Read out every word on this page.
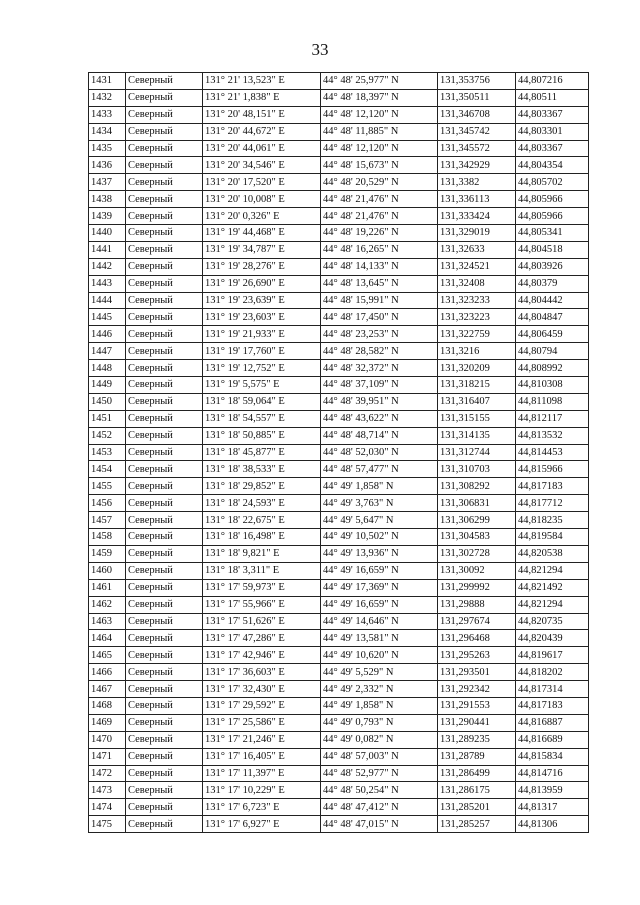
33
1431	Северный	131° 21' 13,523" E	44° 48' 25,977" N	131,353756	44,807216
1432	Северный	131° 21' 1,838" E	44° 48' 18,397" N	131,350511	44,80511
1433	Северный	131° 20' 48,151" E	44° 48' 12,120" N	131,346708	44,803367
1434	Северный	131° 20' 44,672" E	44° 48' 11,885" N	131,345742	44,803301
1435	Северный	131° 20' 44,061" E	44° 48' 12,120" N	131,345572	44,803367
1436	Северный	131° 20' 34,546" E	44° 48' 15,673" N	131,342929	44,804354
1437	Северный	131° 20' 17,520" E	44° 48' 20,529" N	131,3382	44,805702
1438	Северный	131° 20' 10,008" E	44° 48' 21,476" N	131,336113	44,805966
1439	Северный	131° 20' 0,326" E	44° 48' 21,476" N	131,333424	44,805966
1440	Северный	131° 19' 44,468" E	44° 48' 19,226" N	131,329019	44,805341
1441	Северный	131° 19' 34,787" E	44° 48' 16,265" N	131,32633	44,804518
1442	Северный	131° 19' 28,276" E	44° 48' 14,133" N	131,324521	44,803926
1443	Северный	131° 19' 26,690" E	44° 48' 13,645" N	131,32408	44,80379
1444	Северный	131° 19' 23,639" E	44° 48' 15,991" N	131,323233	44,804442
1445	Северный	131° 19' 23,603" E	44° 48' 17,450" N	131,323223	44,804847
1446	Северный	131° 19' 21,933" E	44° 48' 23,253" N	131,322759	44,806459
1447	Северный	131° 19' 17,760" E	44° 48' 28,582" N	131,3216	44,80794
1448	Северный	131° 19' 12,752" E	44° 48' 32,372" N	131,320209	44,808992
1449	Северный	131° 19' 5,575" E	44° 48' 37,109" N	131,318215	44,810308
1450	Северный	131° 18' 59,064" E	44° 48' 39,951" N	131,316407	44,811098
1451	Северный	131° 18' 54,557" E	44° 48' 43,622" N	131,315155	44,812117
1452	Северный	131° 18' 50,885" E	44° 48' 48,714" N	131,314135	44,813532
1453	Северный	131° 18' 45,877" E	44° 48' 52,030" N	131,312744	44,814453
1454	Северный	131° 18' 38,533" E	44° 48' 57,477" N	131,310703	44,815966
1455	Северный	131° 18' 29,852" E	44° 49' 1,858" N	131,308292	44,817183
1456	Северный	131° 18' 24,593" E	44° 49' 3,763" N	131,306831	44,817712
1457	Северный	131° 18' 22,675" E	44° 49' 5,647" N	131,306299	44,818235
1458	Северный	131° 18' 16,498" E	44° 49' 10,502" N	131,304583	44,819584
1459	Северный	131° 18' 9,821" E	44° 49' 13,936" N	131,302728	44,820538
1460	Северный	131° 18' 3,311" E	44° 49' 16,659" N	131,30092	44,821294
1461	Северный	131° 17' 59,973" E	44° 49' 17,369" N	131,299992	44,821492
1462	Северный	131° 17' 55,966" E	44° 49' 16,659" N	131,29888	44,821294
1463	Северный	131° 17' 51,626" E	44° 49' 14,646" N	131,297674	44,820735
1464	Северный	131° 17' 47,286" E	44° 49' 13,581" N	131,296468	44,820439
1465	Северный	131° 17' 42,946" E	44° 49' 10,620" N	131,295263	44,819617
1466	Северный	131° 17' 36,603" E	44° 49' 5,529" N	131,293501	44,818202
1467	Северный	131° 17' 32,430" E	44° 49' 2,332" N	131,292342	44,817314
1468	Северный	131° 17' 29,592" E	44° 49' 1,858" N	131,291553	44,817183
1469	Северный	131° 17' 25,586" E	44° 49' 0,793" N	131,290441	44,816887
1470	Северный	131° 17' 21,246" E	44° 49' 0,082" N	131,289235	44,816689
1471	Северный	131° 17' 16,405" E	44° 48' 57,003" N	131,28789	44,815834
1472	Северный	131° 17' 11,397" E	44° 48' 52,977" N	131,286499	44,814716
1473	Северный	131° 17' 10,229" E	44° 48' 50,254" N	131,286175	44,813959
1474	Северный	131° 17' 6,723" E	44° 48' 47,412" N	131,285201	44,81317
1475	Северный	131° 17' 6,927" E	44° 48' 47,015" N	131,285257	44,81306
